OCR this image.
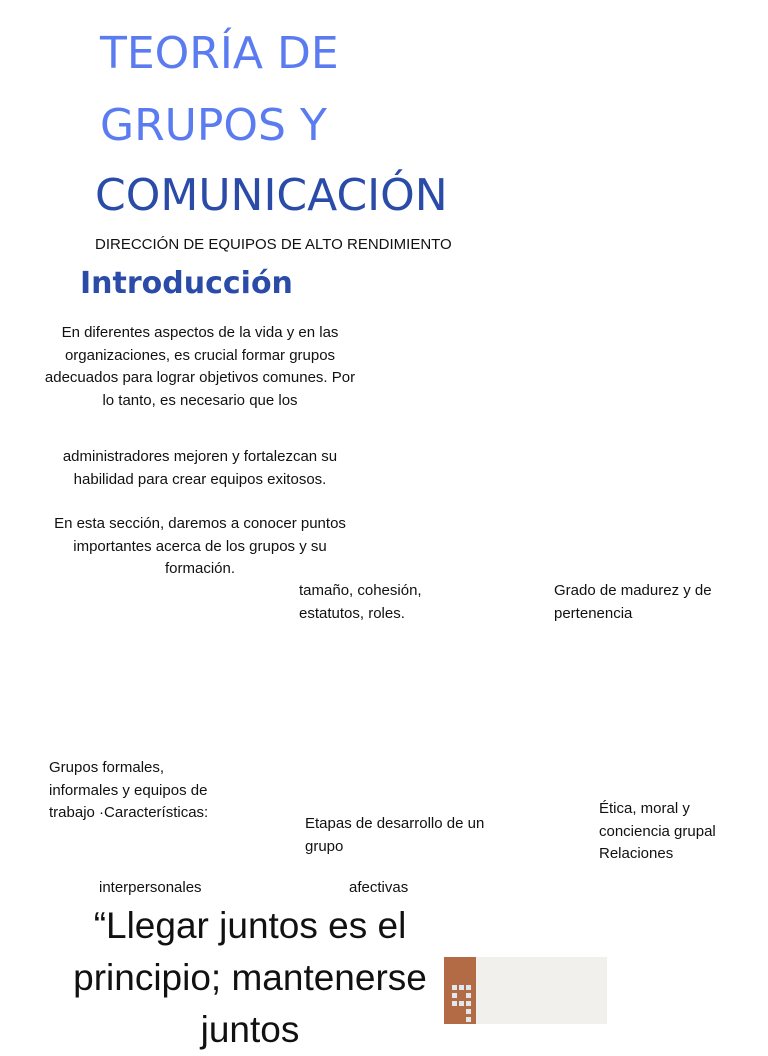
TEORÍA DE
GRUPOS Y
COMUNICACIÓN
DIRECCIÓN DE EQUIPOS DE ALTO RENDIMIENTO
Introducción
En diferentes aspectos de la vida y en las organizaciones, es crucial formar grupos adecuados para lograr objetivos comunes. Por lo tanto, es necesario que los
administradores mejoren y fortalezcan su habilidad para crear equipos exitosos.
En esta sección, daremos a conocer puntos importantes acerca de los grupos y su formación.
tamaño, cohesión, estatutos, roles.
Grado de madurez y de pertenencia
Grupos formales, informales y equipos de trabajo ·Características:
Etapas de desarrollo de un grupo
Ética, moral y conciencia grupal Relaciones
interpersonales	afectivas
“Llegar juntos es el principio; mantenerse juntos
